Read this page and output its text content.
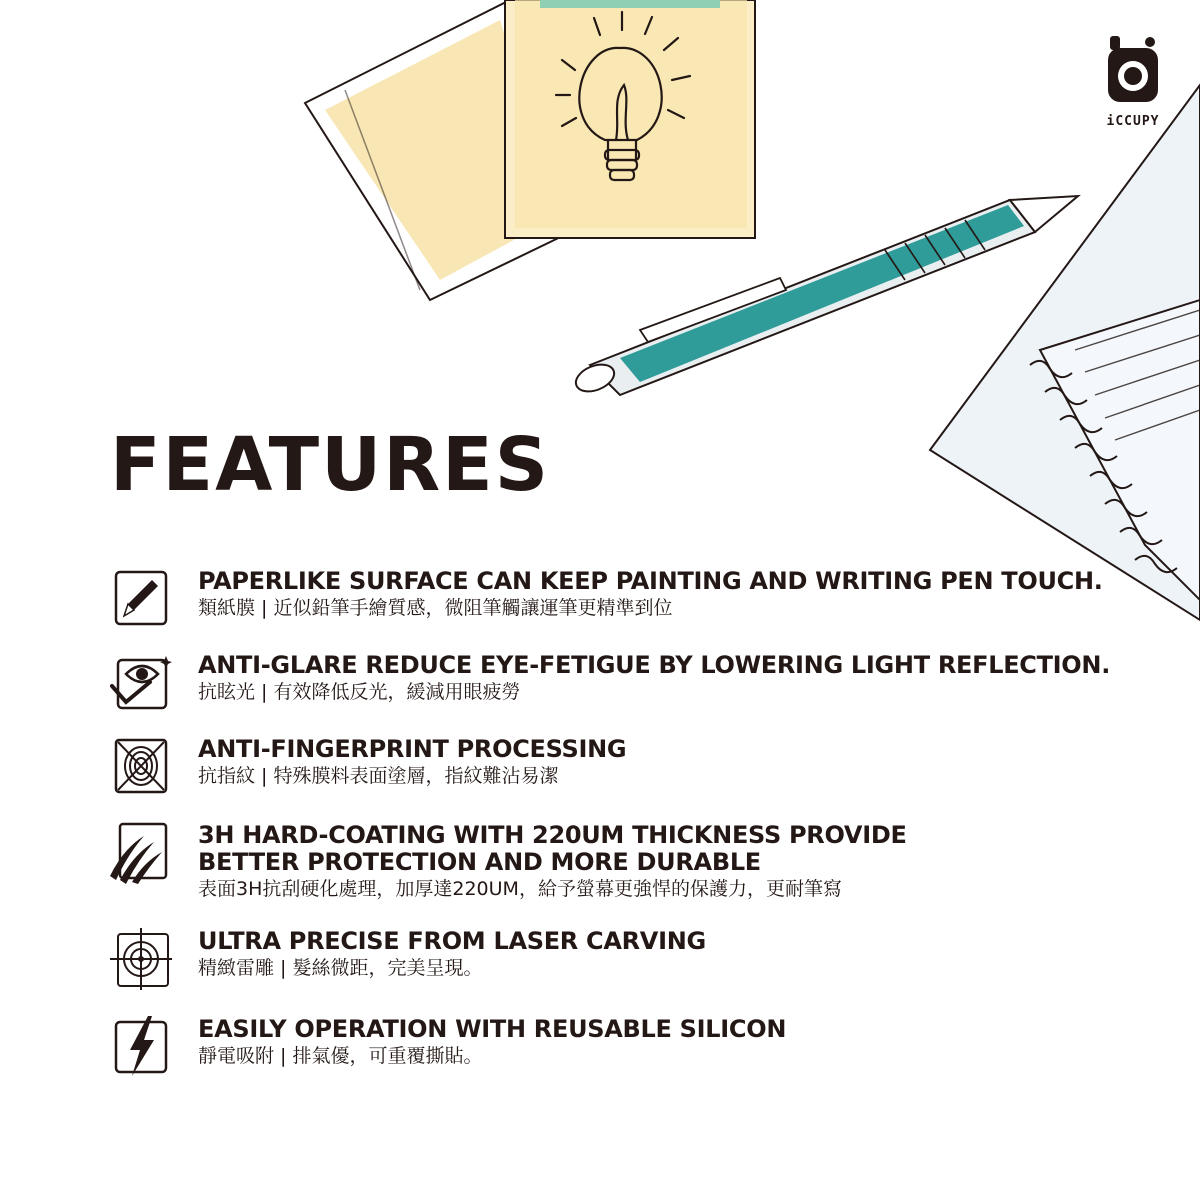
iCCUPY
FEATURES
PAPERLIKE SURFACE CAN KEEP PAINTING AND WRITING PEN TOUCH.
類紙膜 | 近似鉛筆手繪質感，微阻筆觸讓運筆更精準到位
ANTI-GLARE REDUCE EYE-FETIGUE BY LOWERING LIGHT REFLECTION.
抗眩光 | 有效降低反光，緩減用眼疲勞
ANTI-FINGERPRINT PROCESSING
抗指紋 | 特殊膜料表面塗層，指紋難沾易潔
3H HARD-COATING WITH 220UM THICKNESS PROVIDE
BETTER PROTECTION AND MORE DURABLE
表面3H抗刮硬化處理，加厚達220UM，給予螢幕更強悍的保護力，更耐筆寫
ULTRA PRECISE FROM LASER CARVING
精緻雷雕 | 髮絲微距，完美呈現。
EASILY OPERATION WITH REUSABLE SILICON
靜電吸附 | 排氣優，可重覆撕貼。
